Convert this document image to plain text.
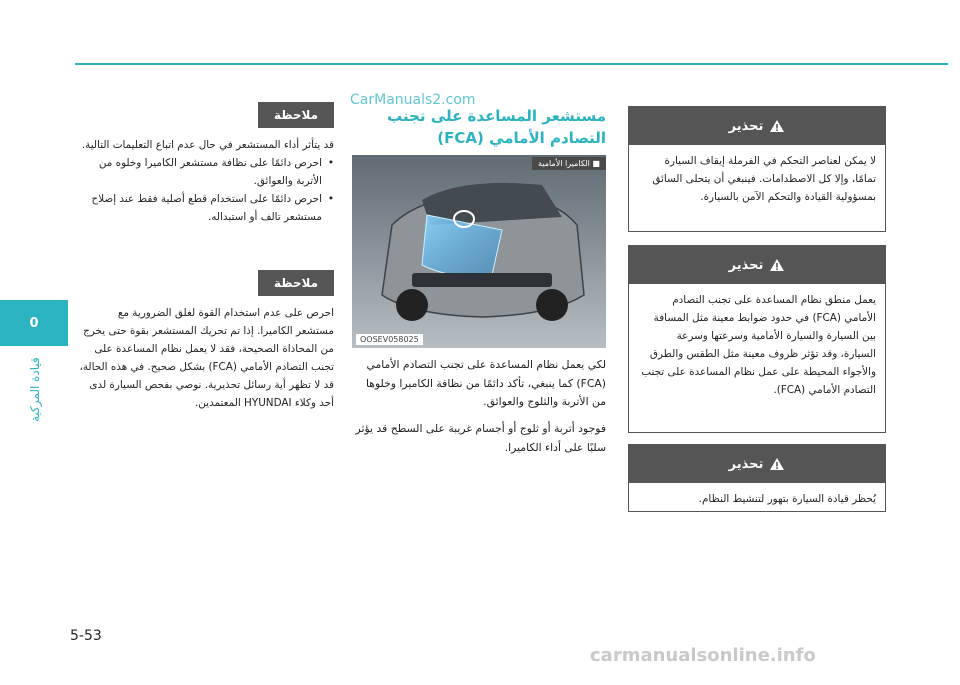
0
قيادة المركبة
CarManuals2.com
تحذير
لا يمكن لعناصر التحكم في الفرملة إيقاف السيارة تمامًا، وإلا كل الاصطدامات. فينبغي أن يتحلى السائق بمسؤولية القيادة والتحكم الآمن بالسيارة.
تحذير
يعمل منطق نظام المساعدة على تجنب التصادم الأمامي (FCA) في حدود ضوابط معينة مثل المسافة بين السيارة والسيارة الأمامية وسرعتها وسرعة السيارة، وقد تؤثر ظروف معينة مثل الطقس والطرق والأجواء المحيطة على عمل نظام المساعدة على تجنب التصادم الأمامي (FCA).
تحذير
يُحظر قيادة السيارة بتهور لتنشيط النظام.
مستشعر المساعدة على تجنب التصادم الأمامي (FCA)
■ الكاميرا الأمامية
OOSEV058025
لكي يعمل نظام المساعدة على تجنب التصادم الأمامي (FCA) كما ينبغي، تأكد دائمًا من نظافة الكاميرا وخلوها من الأتربة والثلوج والعوائق.
فوجود أتربة أو ثلوج أو أجسام غريبة على السطح قد يؤثر سلبًا على أداء الكاميرا.
ملاحظة
قد يتأثر أداء المستشعر في حال عدم اتباع التعليمات التالية.
• احرص دائمًا على نظافة مستشعر الكاميرا وخلوه من الأتربة والعوائق.
• احرص دائمًا على استخدام قطع أصلية فقط عند إصلاح مستشعر تالف أو استبداله.
ملاحظة
احرص على عدم استخدام القوة لغلق الضرورية مع مستشعر الكاميرا. إذا تم تحريك المستشعر بقوة حتى يخرج من المحاذاة الصحيحة، فقد لا يعمل نظام المساعدة على تجنب التصادم الأمامي (FCA) بشكل صحيح. في هذه الحالة، قد لا تظهر أية رسائل تحذيرية. نوصي بفحص السيارة لدى أحد وكلاء HYUNDAI المعتمدين.
5-53
carmanualsonline.info
